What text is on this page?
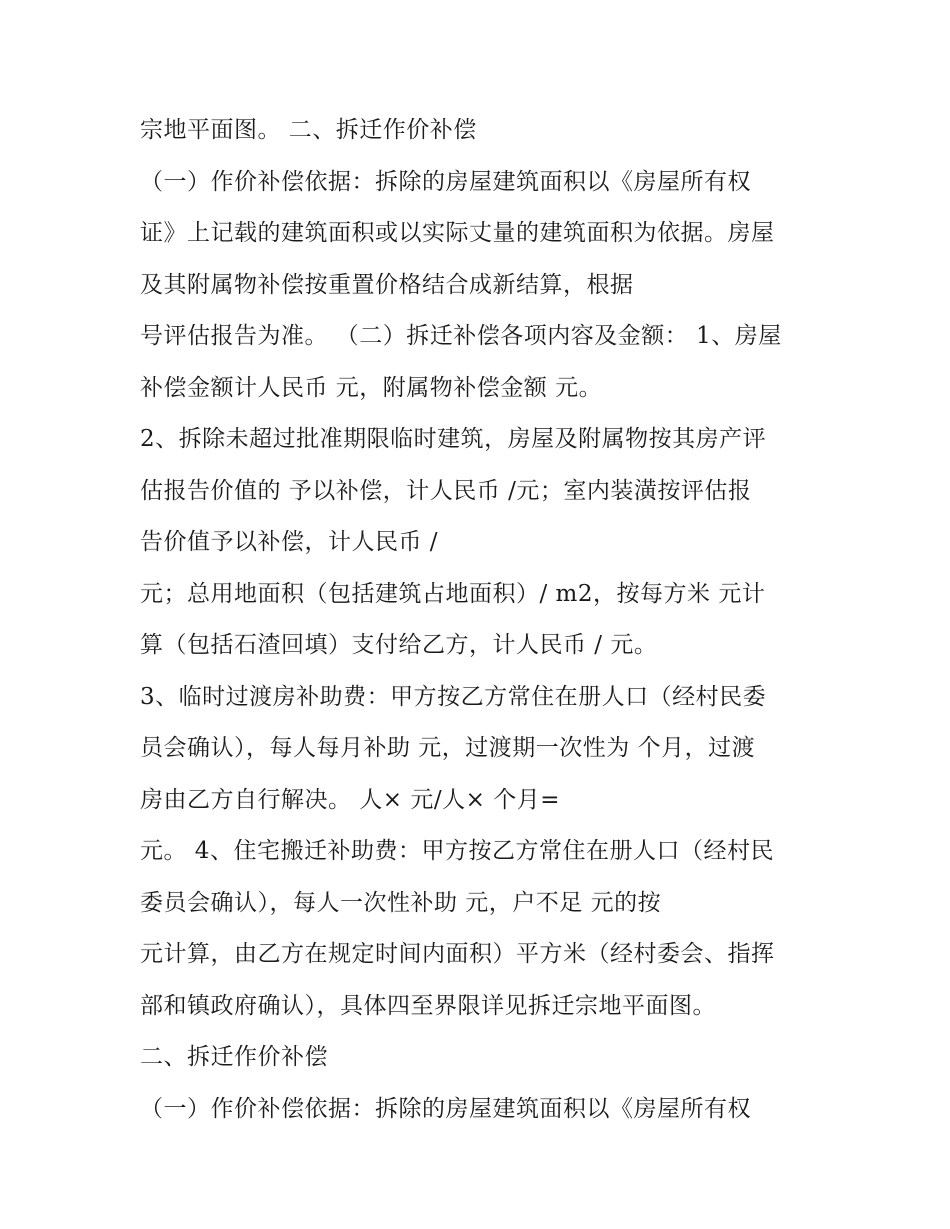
宗地平面图。 二、拆迁作价补偿
（一）作价补偿依据：拆除的房屋建筑面积以《房屋所有权
证》上记载的建筑面积或以实际丈量的建筑面积为依据。房屋
及其附属物补偿按重置价格结合成新结算，根据
号评估报告为准。 （二）拆迁补偿各项内容及金额： 1、房屋
补偿金额计人民币 元，附属物补偿金额 元。
2、拆除未超过批准期限临时建筑，房屋及附属物按其房产评
估报告价值的 予以补偿，计人民币 /元；室内装潢按评估报
告价值予以补偿，计人民币 /
元；总用地面积（包括建筑占地面积）/ m2，按每方米 元计
算（包括石渣回填）支付给乙方，计人民币 / 元。
3、临时过渡房补助费：甲方按乙方常住在册人口（经村民委
员会确认），每人每月补助 元，过渡期一次性为 个月，过渡
房由乙方自行解决。 人× 元/人× 个月=
元。 4、住宅搬迁补助费：甲方按乙方常住在册人口（经村民
委员会确认），每人一次性补助 元，户不足 元的按
元计算，由乙方在规定时间内面积）平方米（经村委会、指挥
部和镇政府确认），具体四至界限详见拆迁宗地平面图。
二、拆迁作价补偿
（一）作价补偿依据：拆除的房屋建筑面积以《房屋所有权
